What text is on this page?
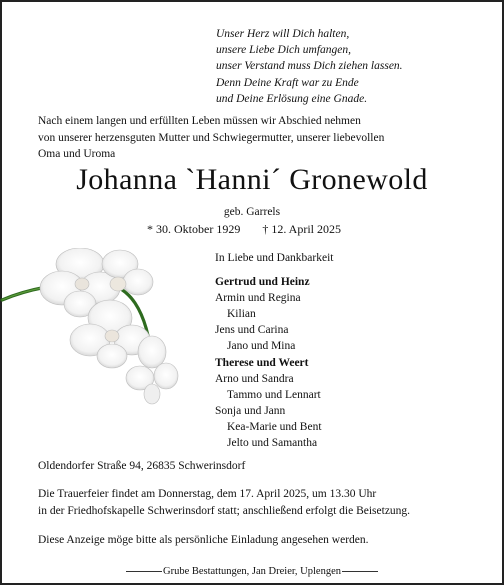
Unser Herz will Dich halten,
unsere Liebe Dich umfangen,
unser Verstand muss Dich ziehen lassen.
Denn Deine Kraft war zu Ende
und Deine Erlösung eine Gnade.
Nach einem langen und erfüllten Leben müssen wir Abschied nehmen
von unserer herzensguten Mutter und Schwiegermutter, unserer liebevollen
Oma und Uroma
Johanna `Hanni´ Gronewold
geb. Garrels
* 30. Oktober 1929 † 12. April 2025
In Liebe und Dankbarkeit
Gertrud und Heinz
Armin und Regina
Kilian
Jens und Carina
Jano und Mina
Therese und Weert
Arno und Sandra
Tammo und Lennart
Sonja und Jann
Kea-Marie und Bent
Jelto und Samantha
Oldendorfer Straße 94, 26835 Schwerinsdorf
Die Trauerfeier findet am Donnerstag, dem 17. April 2025, um 13.30 Uhr
in der Friedhofskapelle Schwerinsdorf statt; anschließend erfolgt die Beisetzung.
Diese Anzeige möge bitte als persönliche Einladung angesehen werden.
Grube Bestattungen, Jan Dreier, Uplengen
